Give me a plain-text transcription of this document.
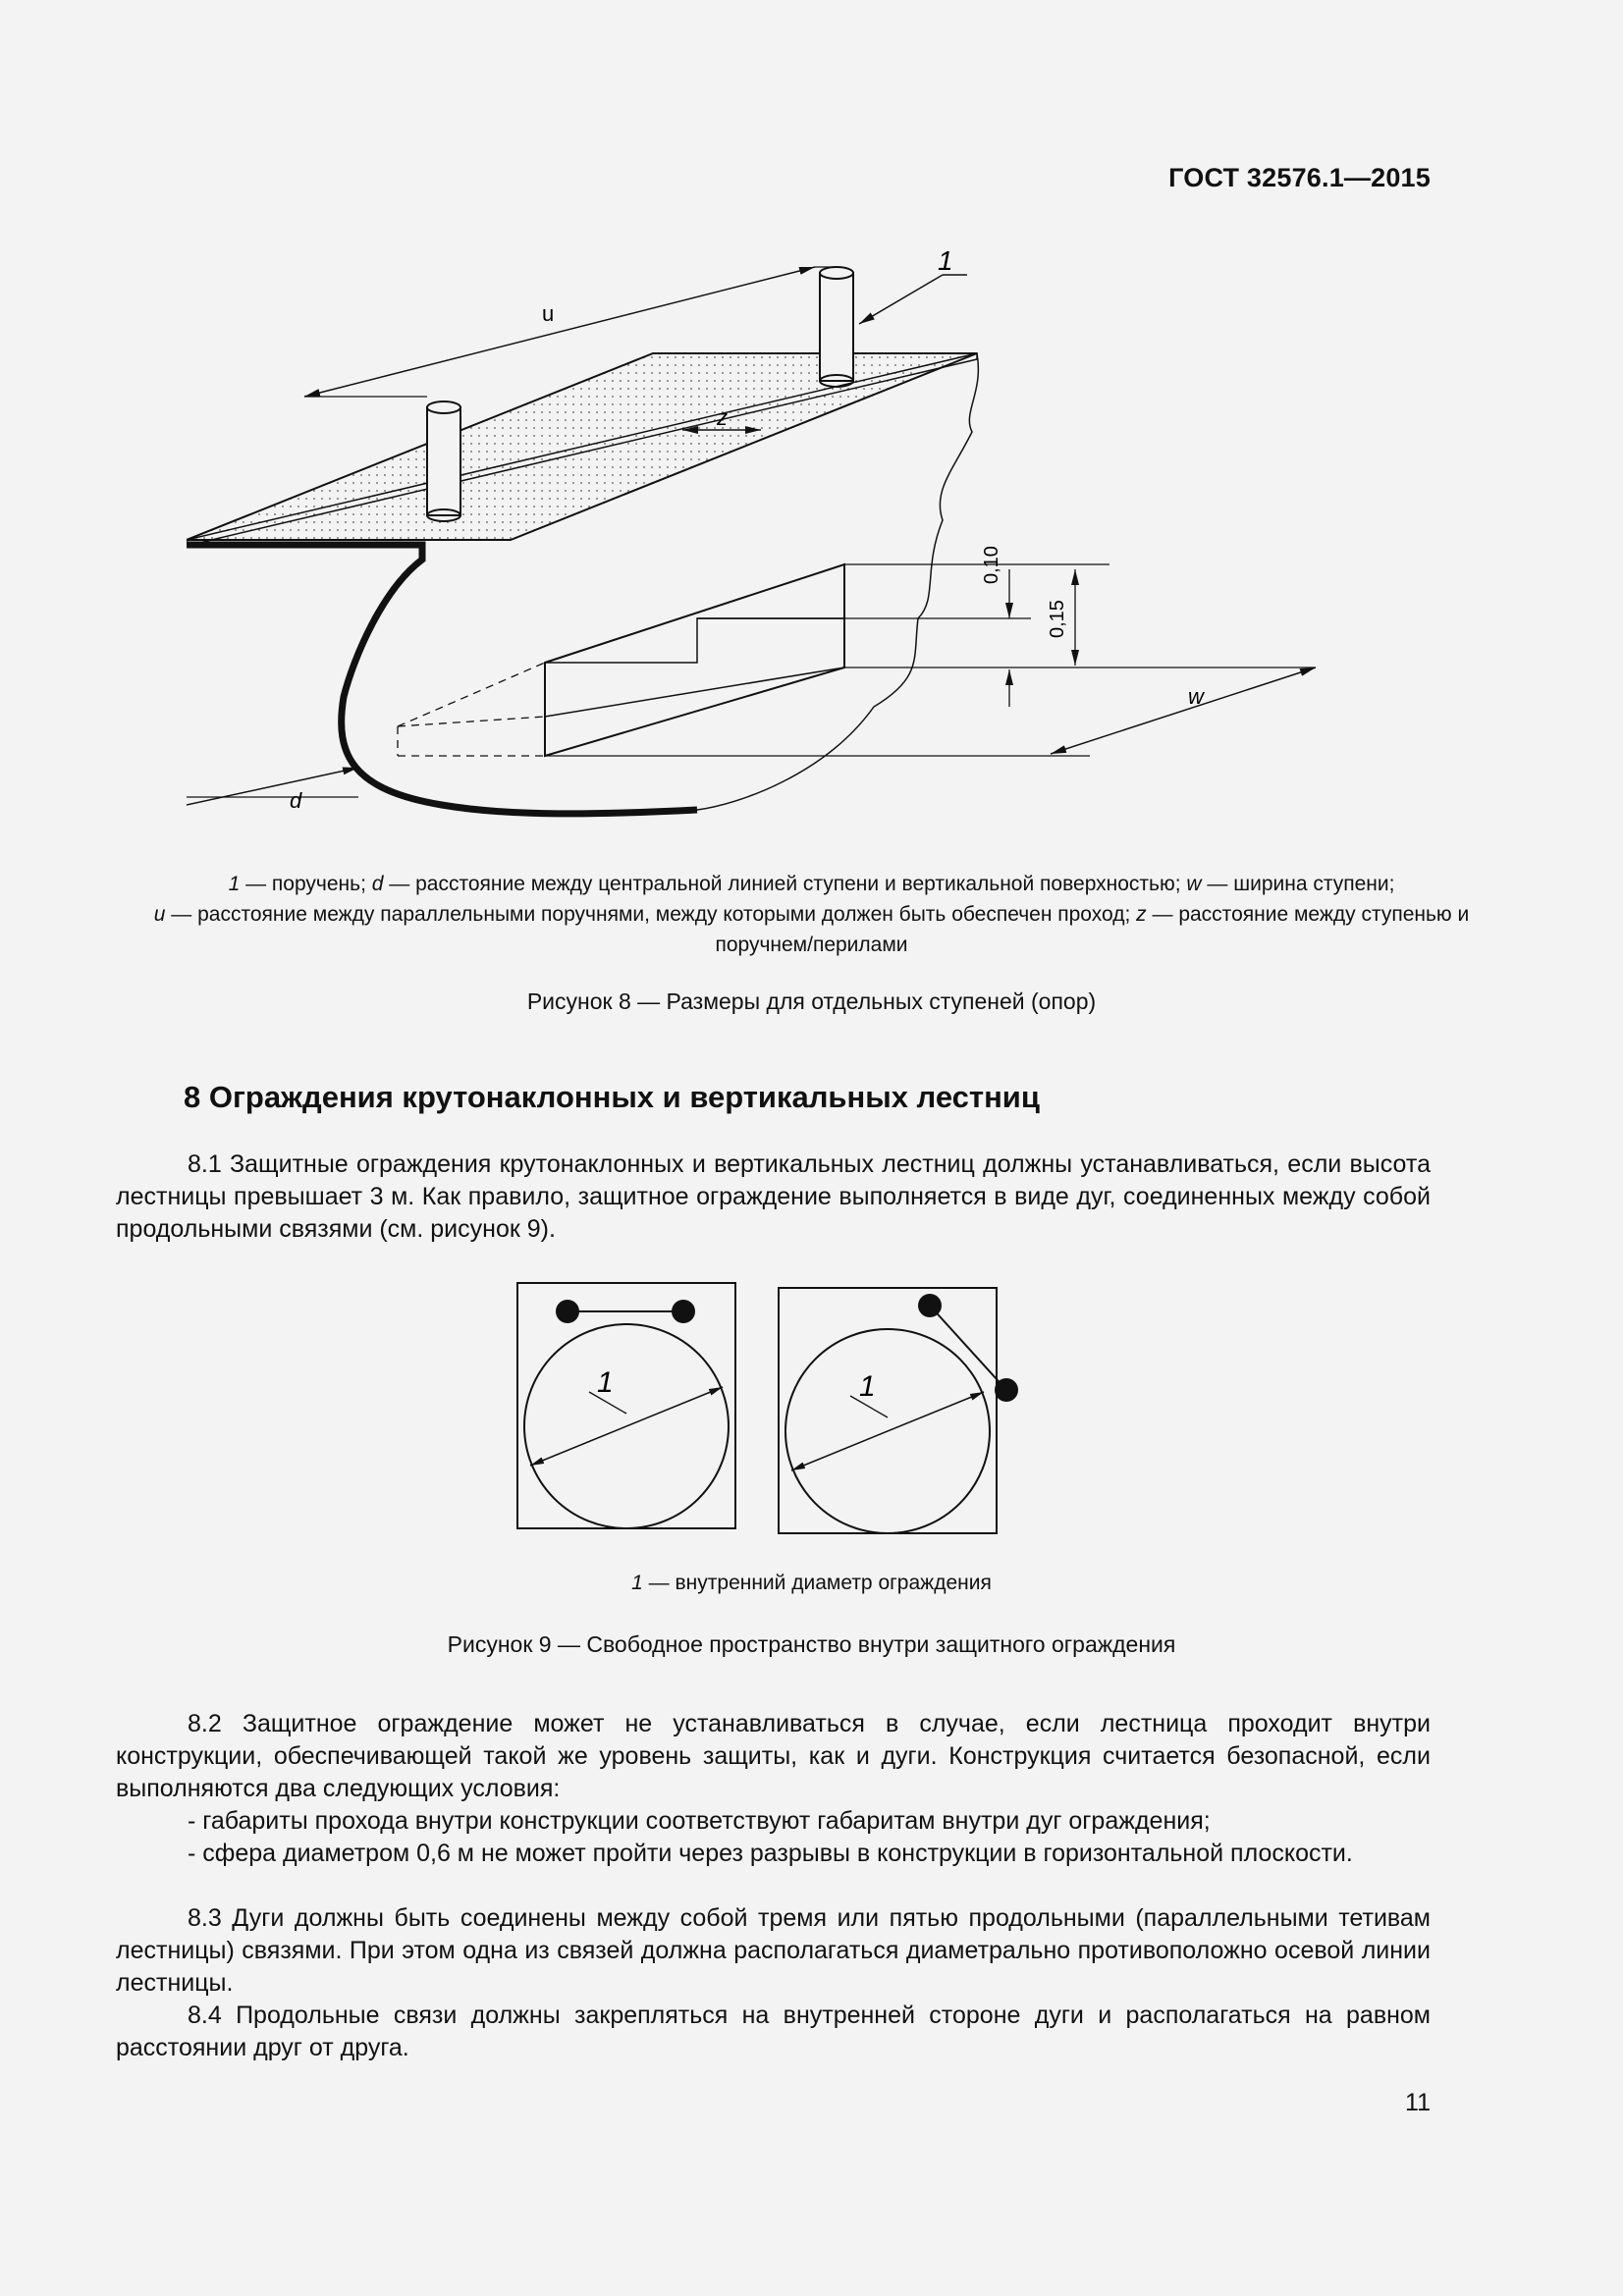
ГОСТ 32576.1—2015
u
z
1
0,10
0,15
w
d
1 — поручень; d — расстояние между центральной линией ступени и вертикальной поверхностью; w — ширина ступени;
u — расстояние между параллельными поручнями, между которыми должен быть обеспечен проход; z — расстояние между ступенью и поручнем/перилами
Рисунок 8 — Размеры для отдельных ступеней (опор)
8 Ограждения крутонаклонных и вертикальных лестниц
8.1 Защитные ограждения крутонаклонных и вертикальных лестниц должны устанавливаться, если высота лестницы превышает 3 м. Как правило, защитное ограждение выполняется в виде дуг, соединенных между собой продольными связями (см. рисунок 9).
1	1
1 — внутренний диаметр ограждения
Рисунок 9 — Свободное пространство внутри защитного ограждения
8.2 Защитное ограждение может не устанавливаться в случае, если лестница проходит внутри конструкции, обеспечивающей такой же уровень защиты, как и дуги. Конструкция считается безопасной, если выполняются два следующих условия:
- габариты прохода внутри конструкции соответствуют габаритам внутри дуг ограждения;
- сфера диаметром 0,6 м не может пройти через разрывы в конструкции в горизонтальной плоскости.
8.3 Дуги должны быть соединены между собой тремя или пятью продольными (параллельными тетивам лестницы) связями. При этом одна из связей должна располагаться диаметрально противоположно осевой линии лестницы.
8.4 Продольные связи должны закрепляться на внутренней стороне дуги и располагаться на равном расстоянии друг от друга.
11
